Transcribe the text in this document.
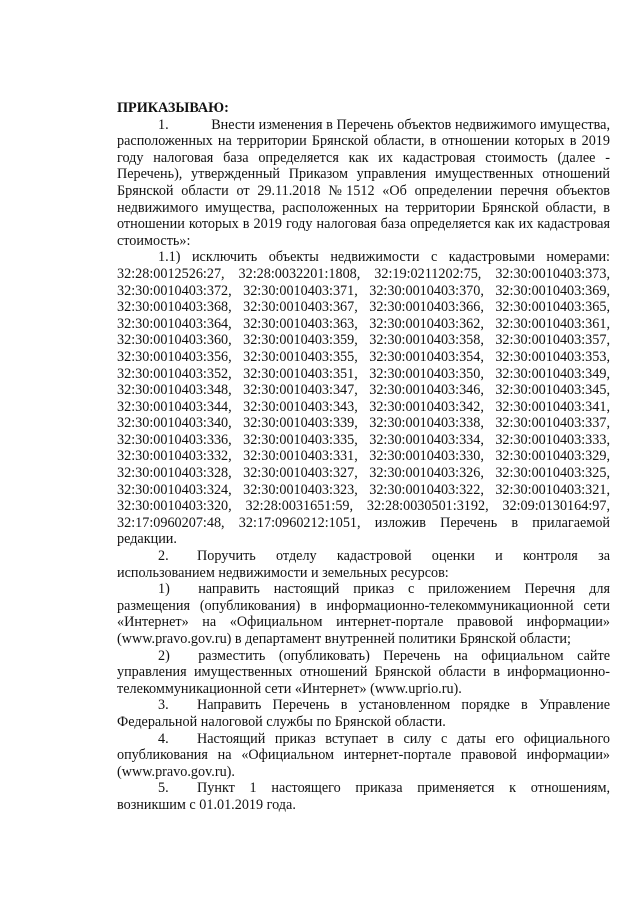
ПРИКАЗЫВАЮ:

1.   Внести изменения в Перечень объектов недвижимого имущества, расположенных на территории Брянской области, в отношении которых в 2019 году налоговая база определяется как их кадастровая стоимость (далее - Перечень), утвержденный Приказом управления имущественных отношений Брянской области от 29.11.2018 №1512 «Об определении перечня объектов недвижимого имущества, расположенных на территории Брянской области, в отношении которых в 2019 году налоговая база определяется как их кадастровая стоимость»:

1.1) исключить объекты недвижимости с кадастровыми номерами: 32:28:0012526:27, 32:28:0032201:1808, 32:19:0211202:75, 32:30:0010403:373, 32:30:0010403:372, 32:30:0010403:371, 32:30:0010403:370, 32:30:0010403:369, 32:30:0010403:368, 32:30:0010403:367, 32:30:0010403:366, 32:30:0010403:365, 32:30:0010403:364, 32:30:0010403:363, 32:30:0010403:362, 32:30:0010403:361, 32:30:0010403:360, 32:30:0010403:359, 32:30:0010403:358, 32:30:0010403:357, 32:30:0010403:356, 32:30:0010403:355, 32:30:0010403:354, 32:30:0010403:353, 32:30:0010403:352, 32:30:0010403:351, 32:30:0010403:350, 32:30:0010403:349, 32:30:0010403:348, 32:30:0010403:347, 32:30:0010403:346, 32:30:0010403:345, 32:30:0010403:344, 32:30:0010403:343, 32:30:0010403:342, 32:30:0010403:341, 32:30:0010403:340, 32:30:0010403:339, 32:30:0010403:338, 32:30:0010403:337, 32:30:0010403:336, 32:30:0010403:335, 32:30:0010403:334, 32:30:0010403:333, 32:30:0010403:332, 32:30:0010403:331, 32:30:0010403:330, 32:30:0010403:329, 32:30:0010403:328, 32:30:0010403:327, 32:30:0010403:326, 32:30:0010403:325, 32:30:0010403:324, 32:30:0010403:323, 32:30:0010403:322, 32:30:0010403:321, 32:30:0010403:320, 32:28:0031651:59, 32:28:0030501:3192, 32:09:0130164:97, 32:17:0960207:48, 32:17:0960212:1051, изложив Перечень в прилагаемой редакции.

2.  Поручить отделу кадастровой оценки и контроля за использованием недвижимости и земельных ресурсов:

1)  направить настоящий приказ с приложением Перечня для размещения (опубликования) в информационно-телекоммуникационной сети «Интернет» на «Официальном интернет-портале правовой информации» (www.pravo.gov.ru) в департамент внутренней политики Брянской области;

2)  разместить (опубликовать) Перечень на официальном сайте управления имущественных отношений Брянской области в информационно-телекоммуникационной сети «Интернет» (www.uprio.ru).

3.  Направить Перечень в установленном порядке в Управление Федеральной налоговой службы по Брянской области.

4.  Настоящий приказ вступает в силу с даты его официального опубликования на «Официальном интернет-портале правовой информации» (www.pravo.gov.ru).

5.  Пункт 1 настоящего приказа применяется к отношениям, возникшим с 01.01.2019 года.
